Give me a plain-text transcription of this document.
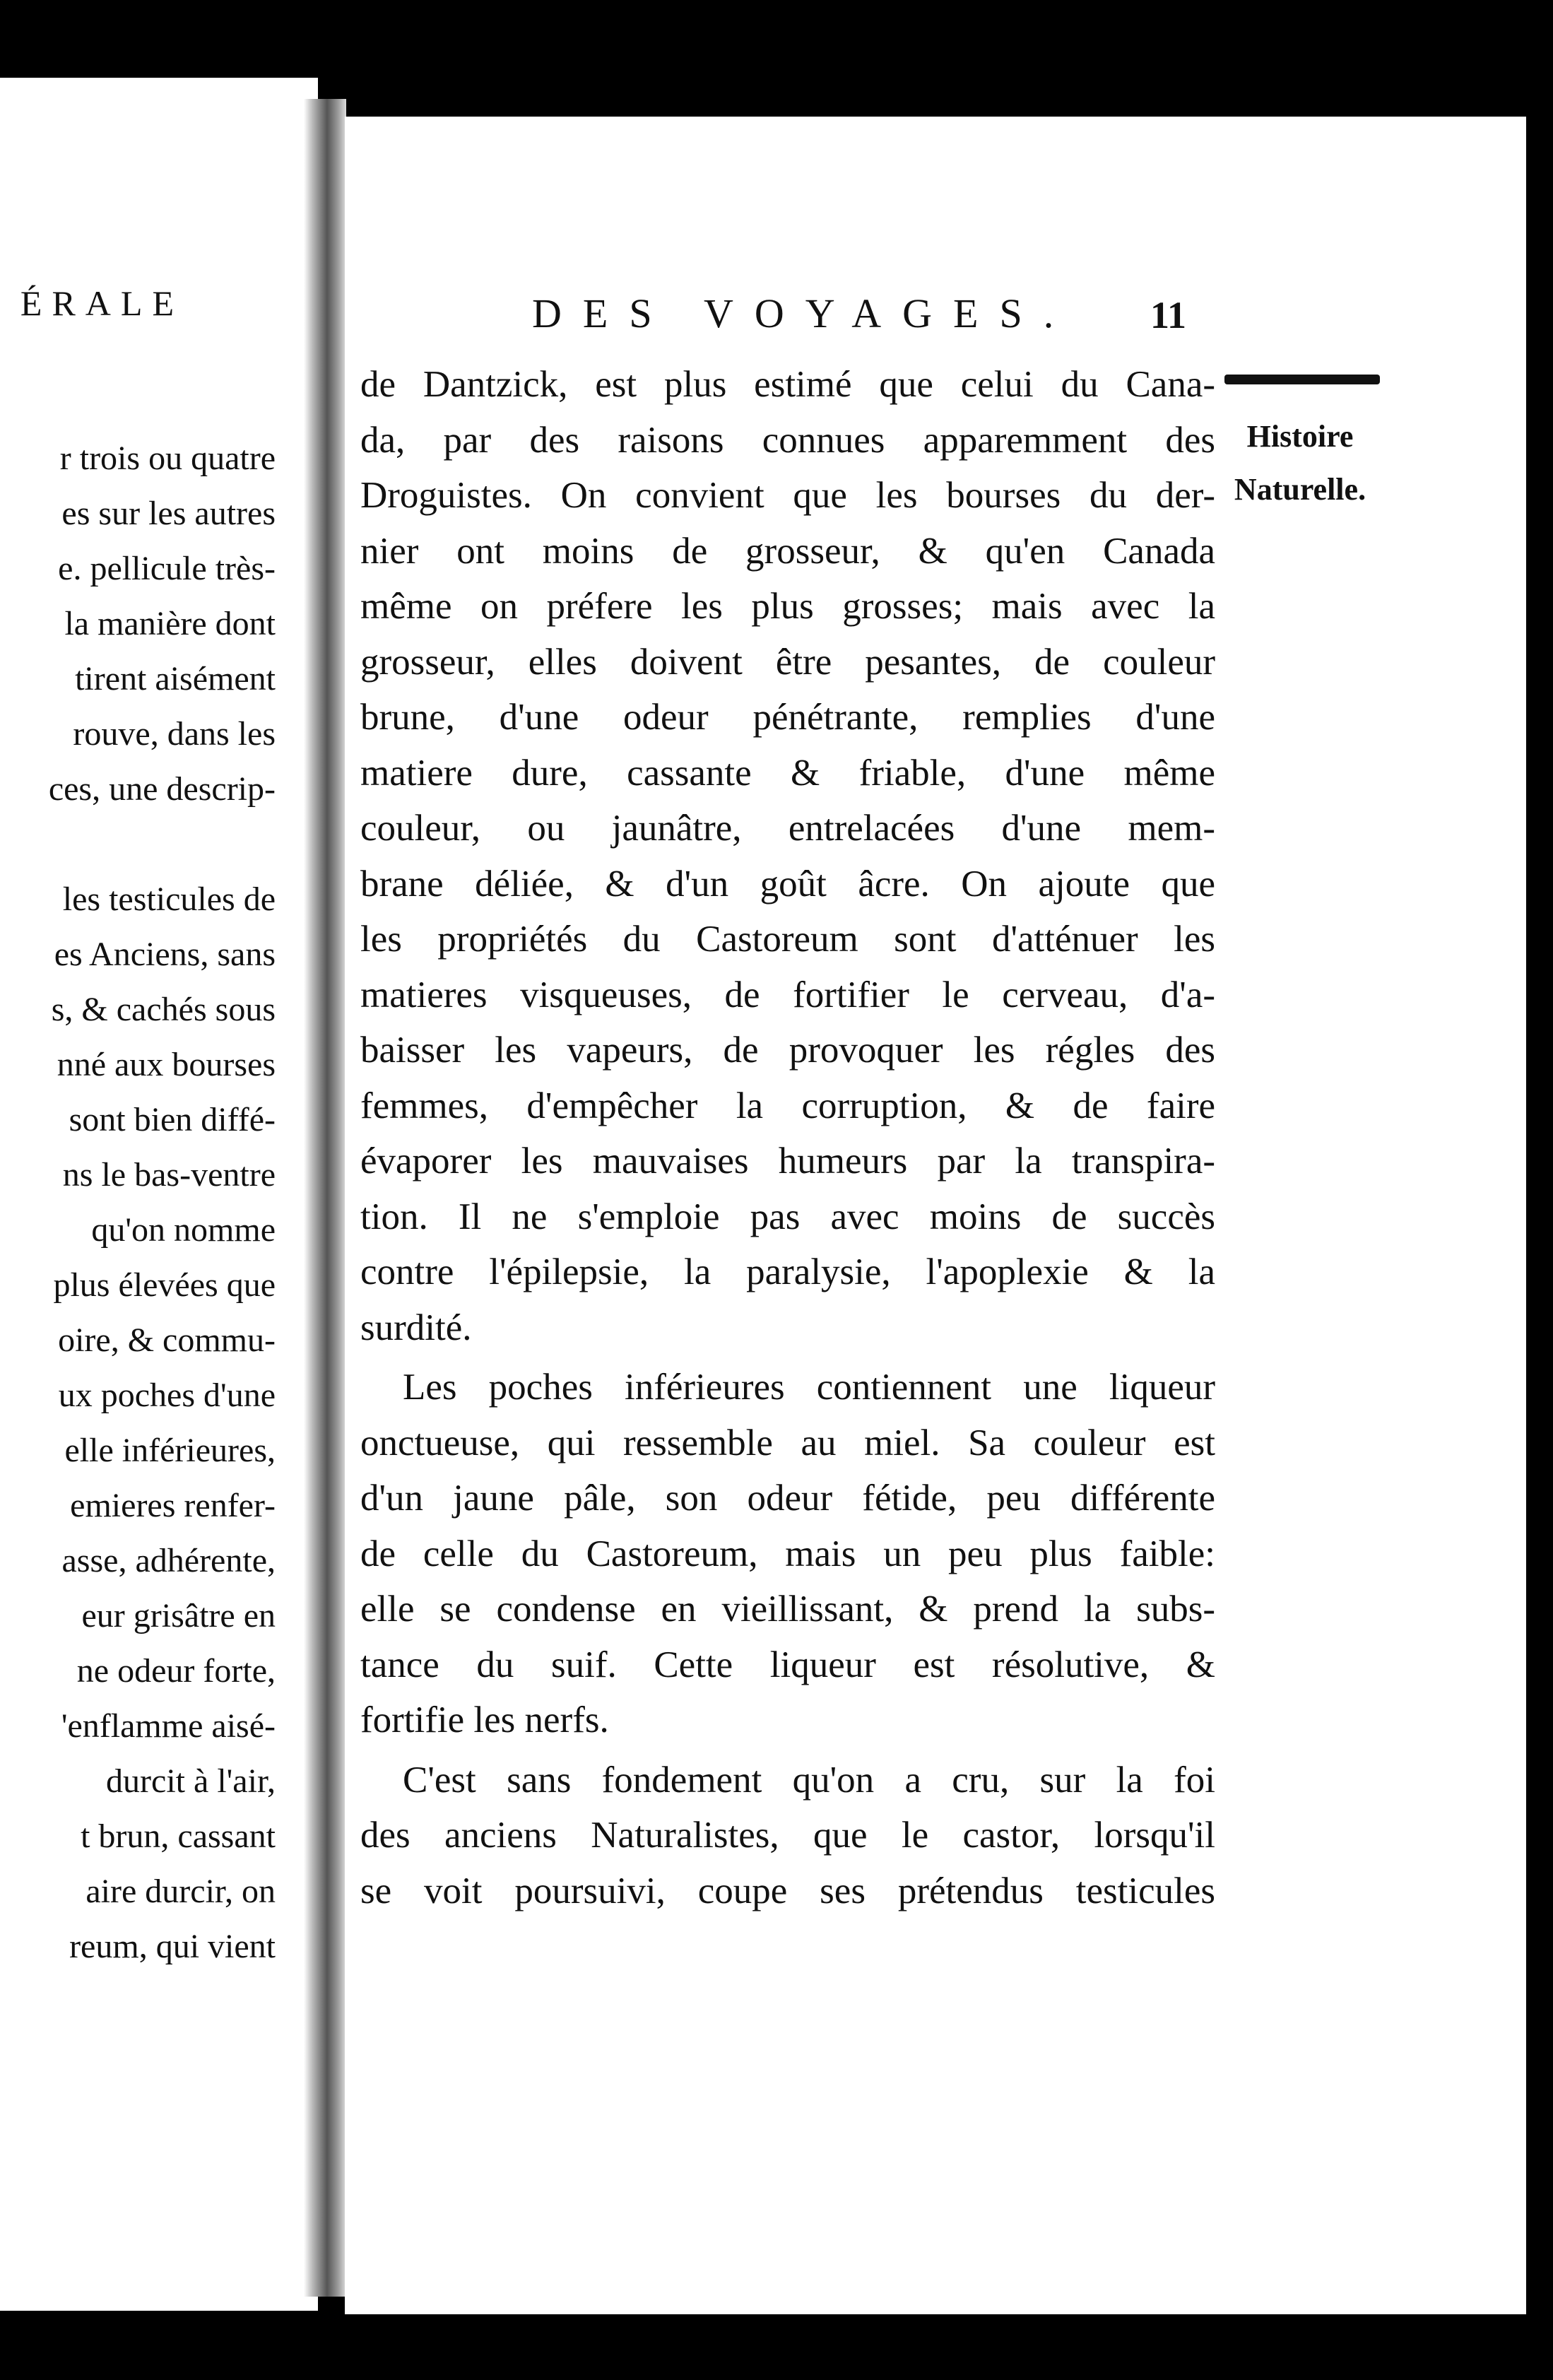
ÉRALE
r trois ou quatre
es sur les autres
e. pellicule très-
la manière dont
tirent aisément
rouve, dans les
ces, une descrip-
les testicules de
es Anciens, sans
s, & cachés sous
nné aux bourses
sont bien diffé-
ns le bas-ventre
qu'on nomme
plus élevées que
oire, & commu-
ux poches d'une
elle inférieures,
emieres renfer-
asse, adhérente,
eur grisâtre en
ne odeur forte,
'enflamme aisé-
durcit à l'air,
t brun, cassant
aire durcir, on
reum, qui vient
DES VOYAGES. 11
Histoire
Naturelle.
de Dantzick, est plus estimé que celui du Cana-
da, par des raisons connues apparemment des
Droguistes. On convient que les bourses du der-
nier ont moins de grosseur, & qu'en Canada
même on préfere les plus grosses; mais avec la
grosseur, elles doivent être pesantes, de couleur
brune, d'une odeur pénétrante, remplies d'une
matiere dure, cassante & friable, d'une même
couleur, ou jaunâtre, entrelacées d'une mem-
brane déliée, & d'un goût âcre. On ajoute que
les propriétés du Castoreum sont d'atténuer les
matieres visqueuses, de fortifier le cerveau, d'a-
baisser les vapeurs, de provoquer les régles des
femmes, d'empêcher la corruption, & de faire
évaporer les mauvaises humeurs par la transpira-
tion. Il ne s'emploie pas avec moins de succès
contre l'épilepsie, la paralysie, l'apoplexie & la
surdité.
Les poches inférieures contiennent une liqueur
onctueuse, qui ressemble au miel. Sa couleur est
d'un jaune pâle, son odeur fétide, peu différente
de celle du Castoreum, mais un peu plus faible:
elle se condense en vieillissant, & prend la subs-
tance du suif. Cette liqueur est résolutive, &
fortifie les nerfs.
C'est sans fondement qu'on a cru, sur la foi
des anciens Naturalistes, que le castor, lorsqu'il
se voit poursuivi, coupe ses prétendus testicules
